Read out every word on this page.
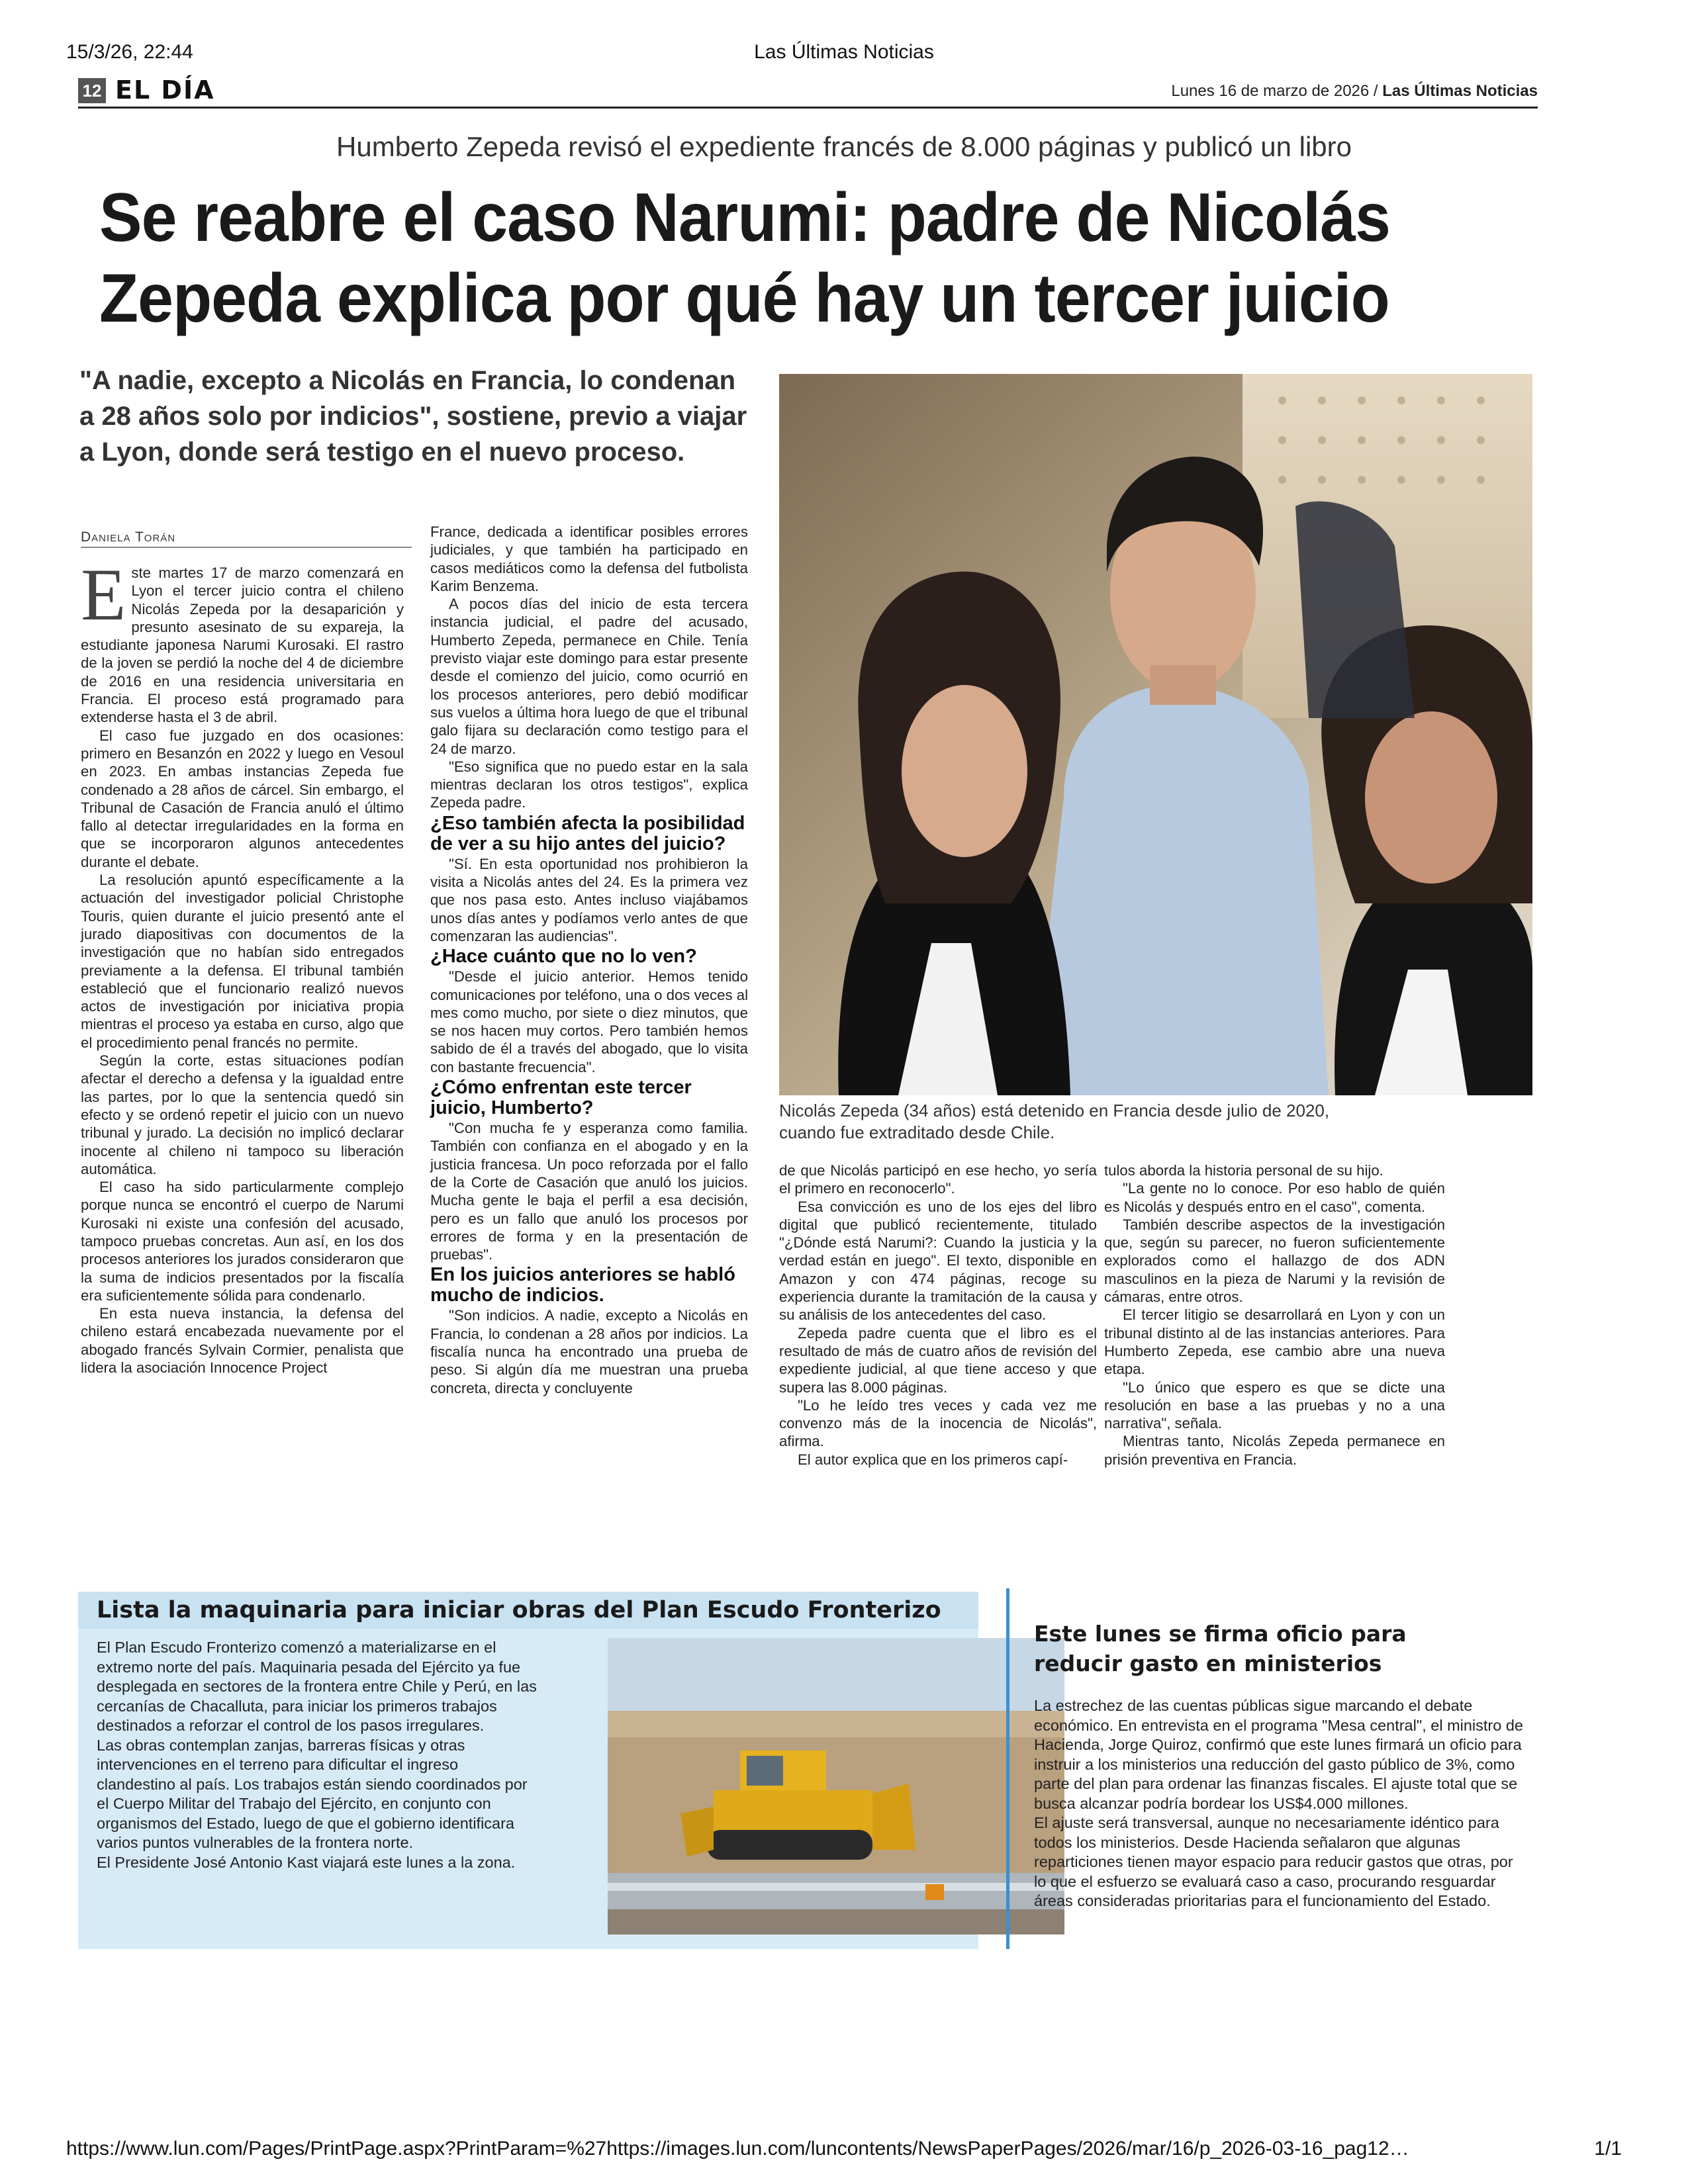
15/3/26, 22:44	Las Últimas Noticias
12 EL DÍA	Lunes 16 de marzo de 2026 / Las Últimas Noticias
Humberto Zepeda revisó el expediente francés de 8.000 páginas y publicó un libro
Se reabre el caso Narumi: padre de Nicolás
Zepeda explica por qué hay un tercer juicio
"A nadie, excepto a Nicolás en Francia, lo condenan a 28 años solo por indicios", sostiene, previo a viajar a Lyon, donde será testigo en el nuevo proceso.
Daniela Torán

Este martes 17 de marzo comenzará en Lyon el tercer juicio contra el chileno Nicolás Zepeda por la desaparición y presunto asesinato de su expareja, la estudiante japonesa Narumi Kurosaki. El rastro de la joven se perdió la noche del 4 de diciembre de 2016 en una residencia universitaria en Francia. El proceso está programado para extenderse hasta el 3 de abril.

El caso fue juzgado en dos ocasiones: primero en Besanzón en 2022 y luego en Vesoul en 2023. En ambas instancias Zepeda fue condenado a 28 años de cárcel. Sin embargo, el Tribunal de Casación de Francia anuló el último fallo al detectar irregularidades en la forma en que se incorporaron algunos antecedentes durante el debate.

La resolución apuntó específicamente a la actuación del investigador policial Christophe Touris, quien durante el juicio presentó ante el jurado diapositivas con documentos de la investigación que no habían sido entregados previamente a la defensa. El tribunal también estableció que el funcionario realizó nuevos actos de investigación por iniciativa propia mientras el proceso ya estaba en curso, algo que el procedimiento penal francés no permite.

Según la corte, estas situaciones podían afectar el derecho a defensa y la igualdad entre las partes, por lo que la sentencia quedó sin efecto y se ordenó repetir el juicio con un nuevo tribunal y jurado. La decisión no implicó declarar inocente al chileno ni tampoco su liberación automática.

El caso ha sido particularmente complejo porque nunca se encontró el cuerpo de Narumi Kurosaki ni existe una confesión del acusado, tampoco pruebas concretas. Aun así, en los dos procesos anteriores los jurados consideraron que la suma de indicios presentados por la fiscalía era suficientemente sólida para condenarlo.

En esta nueva instancia, la defensa del chileno estará encabezada nuevamente por el abogado francés Sylvain Cormier, penalista que lidera la asociación Innocence Project

France, dedicada a identificar posibles errores judiciales, y que también ha participado en casos mediáticos como la defensa del futbolista Karim Benzema.

A pocos días del inicio de esta tercera instancia judicial, el padre del acusado, Humberto Zepeda, permanece en Chile. Tenía previsto viajar este domingo para estar presente desde el comienzo del juicio, como ocurrió en los procesos anteriores, pero debió modificar sus vuelos a última hora luego de que el tribunal galo fijara su declaración como testigo para el 24 de marzo.

"Eso significa que no puedo estar en la sala mientras declaran los otros testigos", explica Zepeda padre.

¿Eso también afecta la posibilidad de ver a su hijo antes del juicio?

"Sí. En esta oportunidad nos prohibieron la visita a Nicolás antes del 24. Es la primera vez que nos pasa esto. Antes incluso viajábamos unos días antes y podíamos verlo antes de que comenzaran las audiencias".

¿Hace cuánto que no lo ven?

"Desde el juicio anterior. Hemos tenido comunicaciones por teléfono, una o dos veces al mes como mucho, por siete o diez minutos, que se nos hacen muy cortos. Pero también hemos sabido de él a través del abogado, que lo visita con bastante frecuencia".

¿Cómo enfrentan este tercer juicio, Humberto?

"Con mucha fe y esperanza como familia. También con confianza en el abogado y en la justicia francesa. Un poco reforzada por el fallo de la Corte de Casación que anuló los juicios. Mucha gente le baja el perfil a esa decisión, pero es un fallo que anuló los procesos por errores de forma y en la presentación de pruebas".

En los juicios anteriores se habló mucho de indicios.

"Son indicios. A nadie, excepto a Nicolás en Francia, lo condenan a 28 años por indicios. La fiscalía nunca ha encontrado una prueba de peso. Si algún día me muestran una prueba concreta, directa y concluyente

Nicolás Zepeda (34 años) está detenido en Francia desde julio de 2020,
cuando fue extraditado desde Chile.

de que Nicolás participó en ese hecho, yo sería el primero en reconocerlo".

Esa convicción es uno de los ejes del libro digital que publicó recientemente, titulado "¿Dónde está Narumi?: Cuando la justicia y la verdad están en juego". El texto, disponible en Amazon y con 474 páginas, recoge su experiencia durante la tramitación de la causa y su análisis de los antecedentes del caso.

Zepeda padre cuenta que el libro es el resultado de más de cuatro años de revisión del expediente judicial, al que tiene acceso y que supera las 8.000 páginas.

"Lo he leído tres veces y cada vez me convenzo más de la inocencia de Nicolás", afirma.

El autor explica que en los primeros capí-

tulos aborda la historia personal de su hijo.

"La gente no lo conoce. Por eso hablo de quién es Nicolás y después entro en el caso", comenta.

También describe aspectos de la investigación que, según su parecer, no fueron suficientemente explorados como el hallazgo de dos ADN masculinos en la pieza de Narumi y la revisión de cámaras, entre otros.

El tercer litigio se desarrollará en Lyon y con un tribunal distinto al de las instancias anteriores. Para Humberto Zepeda, ese cambio abre una nueva etapa.

"Lo único que espero es que se dicte una resolución en base a las pruebas y no a una narrativa", señala.

Mientras tanto, Nicolás Zepeda permanece en prisión preventiva en Francia.

Lista la maquinaria para iniciar obras del Plan Escudo Fronterizo

El Plan Escudo Fronterizo comenzó a materializarse en el extremo norte del país. Maquinaria pesada del Ejército ya fue desplegada en sectores de la frontera entre Chile y Perú, en las cercanías de Chacalluta, para iniciar los primeros trabajos destinados a reforzar el control de los pasos irregulares.

Las obras contemplan zanjas, barreras físicas y otras intervenciones en el terreno para dificultar el ingreso clandestino al país. Los trabajos están siendo coordinados por el Cuerpo Militar del Trabajo del Ejército, en conjunto con organismos del Estado, luego de que el gobierno identificara varios puntos vulnerables de la frontera norte.

El Presidente José Antonio Kast viajará este lunes a la zona.

Este lunes se firma oficio para reducir gasto en ministerios

La estrechez de las cuentas públicas sigue marcando el debate económico. En entrevista en el programa "Mesa central", el ministro de Hacienda, Jorge Quiroz, confirmó que este lunes firmará un oficio para instruir a los ministerios una reducción del gasto público de 3%, como parte del plan para ordenar las finanzas fiscales. El ajuste total que se busca alcanzar podría bordear los US$4.000 millones.

El ajuste será transversal, aunque no necesariamente idéntico para todos los ministerios. Desde Hacienda señalaron que algunas reparticiones tienen mayor espacio para reducir gastos que otras, por lo que el esfuerzo se evaluará caso a caso, procurando resguardar áreas consideradas prioritarias para el funcionamiento del Estado.

https://www.lun.com/Pages/PrintPage.aspx?PrintParam=%27https://images.lun.com/luncontents/NewsPaperPages/2026/mar/16/p_2026-03-16_pag12…	1/1
